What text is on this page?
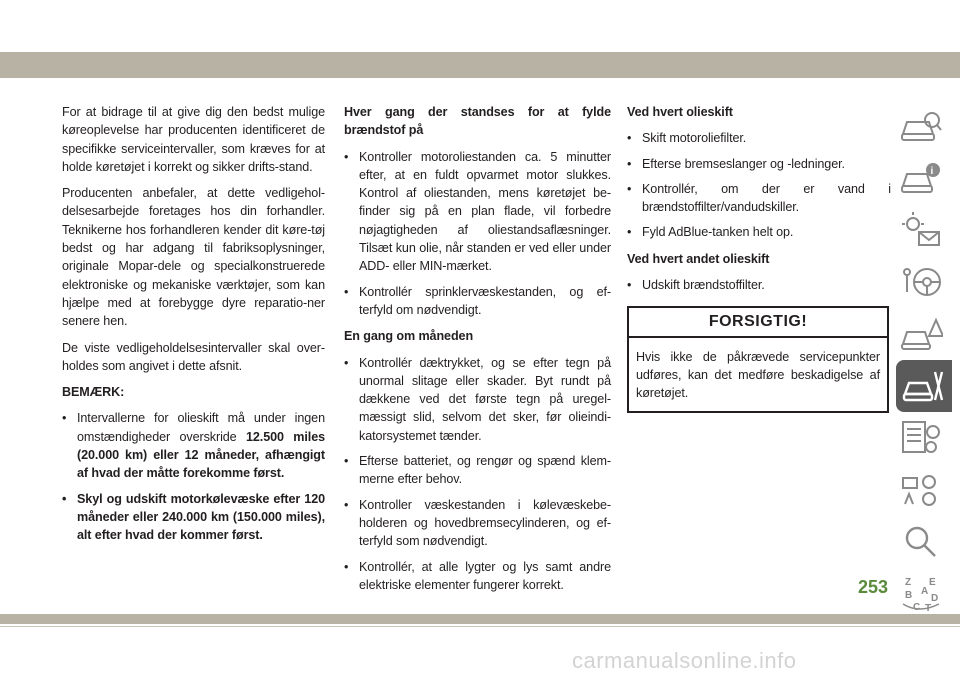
For at bidrage til at give dig den bedst mulige køreoplevelse har producenten identificeret de specifikke serviceintervaller, som kræves for at holde køretøjet i korrekt og sikker drifts-stand.

Producenten anbefaler, at dette vedligehol-delsesarbejde foretages hos din forhandler. Teknikerne hos forhandleren kender dit køre-tøj bedst og har adgang til fabriksoplysninger, originale Mopar-dele og specialkonstruerede elektroniske og mekaniske værktøjer, som kan hjælpe med at forebygge dyre reparatio-ner senere hen.

De viste vedligeholdelsesintervaller skal over-holdes som angivet i dette afsnit.

BEMÆRK:

• Intervallerne for olieskift må under ingen omstændigheder overskride 12.500 miles (20.000 km) eller 12 måneder, afhængigt af hvad der måtte forekomme først.
• Skyl og udskift motorkølevæske efter 120 måneder eller 240.000 km (150.000 miles), alt efter hvad der kommer først.

Hver gang der standses for at fylde brændstof på

• Kontroller motoroliestanden ca. 5 minutter efter, at en fuldt opvarmet motor slukkes. Kontrol af oliestanden, mens køretøjet be-finder sig på en plan flade, vil forbedre nøjagtigheden af oliestandsaflæsninger. Tilsæt kun olie, når standen er ved eller under ADD- eller MIN-mærket.
• Kontrollér sprinklervæskestanden, og ef-terfyld om nødvendigt.

En gang om måneden

• Kontrollér dæktrykket, og se efter tegn på unormal slitage eller skader. Byt rundt på dækkene ved det første tegn på uregel-mæssigt slid, selvom det sker, før olieindi-katorsystemet tænder.
• Efterse batteriet, og rengør og spænd klem-merne efter behov.
• Kontroller væskestanden i kølevæskebe-holderen og hovedbremsecylinderen, og ef-terfyld som nødvendigt.
• Kontrollér, at alle lygter og lys samt andre elektriske elementer fungerer korrekt.

Ved hvert olieskift

• Skift motoroliefilter.
• Efterse bremseslanger og -ledninger.
• Kontrollér, om der er vand i brændstoffilter/vandudskiller.
• Fyld AdBlue-tanken helt op.

Ved hvert andet olieskift

• Udskift brændstoffilter.
FORSIGTIG!
Hvis ikke de påkrævede servicepunkter udføres, kan det medføre beskadigelse af køretøjet.
i
Z E
B A
D
C T
253
carmanualsonline.info
